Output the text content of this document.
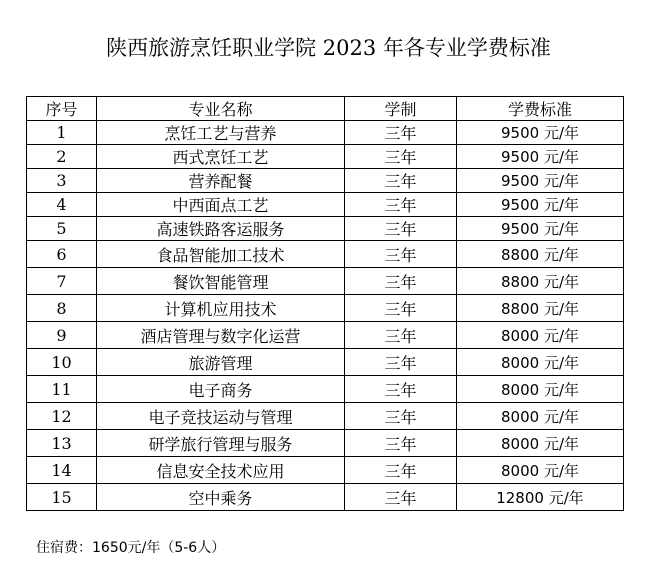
陕西旅游烹饪职业学院 2023 年各专业学费标准
序号	专业名称	学制	学费标准
1	烹饪工艺与营养	三年	9500 元/年
2	西式烹饪工艺	三年	9500 元/年
3	营养配餐	三年	9500 元/年
4	中西面点工艺	三年	9500 元/年
5	高速铁路客运服务	三年	9500 元/年
6	食品智能加工技术	三年	8800 元/年
7	餐饮智能管理	三年	8800 元/年
8	计算机应用技术	三年	8800 元/年
9	酒店管理与数字化运营	三年	8000 元/年
10	旅游管理	三年	8000 元/年
11	电子商务	三年	8000 元/年
12	电子竞技运动与管理	三年	8000 元/年
13	研学旅行管理与服务	三年	8000 元/年
14	信息安全技术应用	三年	8000 元/年
15	空中乘务	三年	12800 元/年
住宿费：1650元/年（5-6人）
